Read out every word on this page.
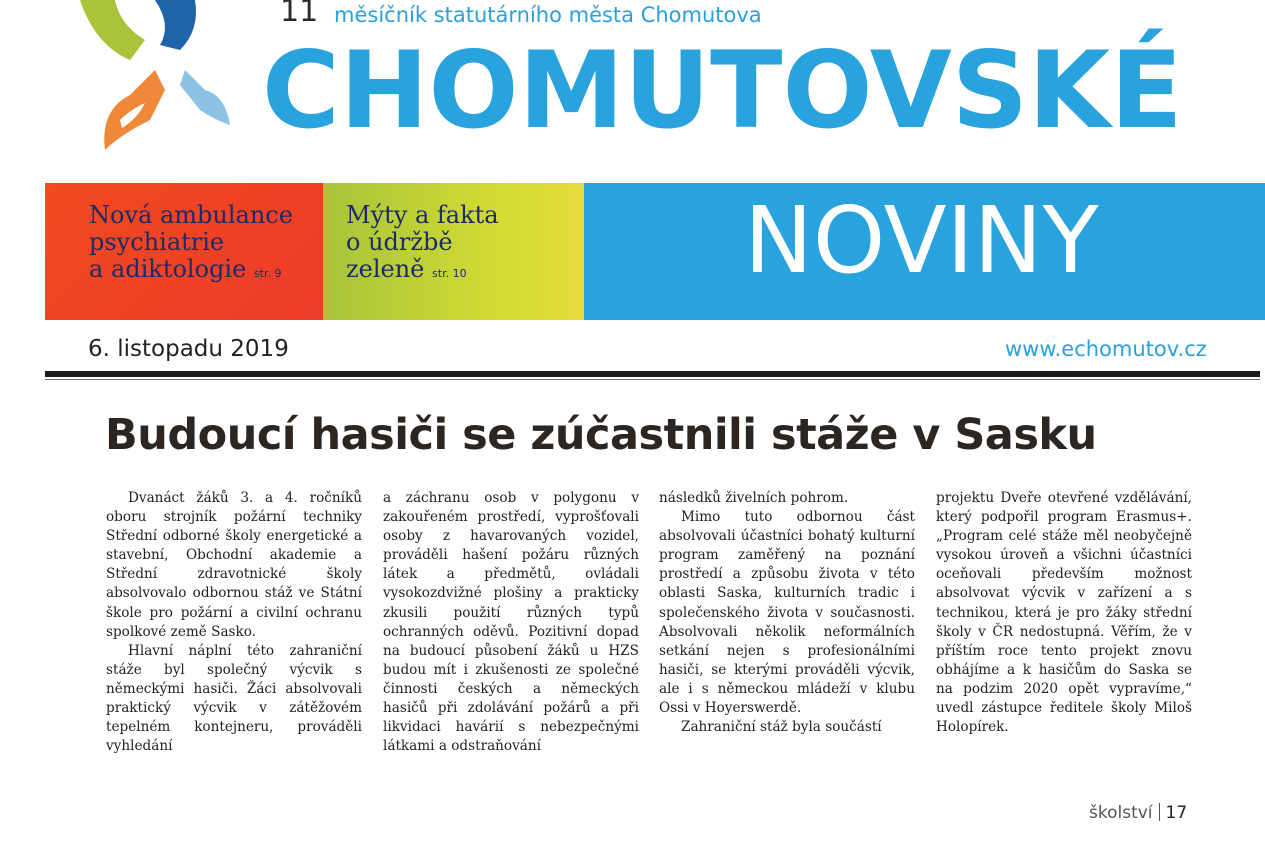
11 měsíčník statutárního města Chomutova
CHOMUTOVSKÉ
Nová ambulance
psychiatrie
a adiktologie str. 9
Mýty a fakta
o údržbě
zeleně str. 10	NOVINY
6. listopadu 2019	www.echomutov.cz
Budoucí hasiči se zúčastnili stáže v Sasku

Dvanáct žáků 3. a 4. ročníků oboru strojník požární techniky Střední odborné školy energetické a stavební, Obchodní akademie a Střední zdravotnické školy absolvovalo odbornou stáž ve Státní škole pro požární a civilní ochranu spolkové země Sasko.

Hlavní náplní této zahraniční stáže byl společný výcvik s německými hasiči. Žáci absolvovali praktický výcvik v zátěžovém tepelném kontejneru, prováděli vyhledání

a záchranu osob v polygonu v zakouřeném prostředí, vyprošťovali osoby z havarovaných vozidel, prováděli hašení požáru různých látek a předmětů, ovládali vysokozdvižné plošiny a prakticky zkusili použití různých typů ochranných oděvů. Pozitivní dopad na budoucí působení žáků u HZS budou mít i zkušenosti ze společné činnosti českých a německých hasičů při zdolávání požárů a při likvidaci havárií s nebezpečnými látkami a odstraňování

následků živelních pohrom.

Mimo tuto odbornou část absolvovali účastníci bohatý kulturní program zaměřený na poznání prostředí a způsobu života v této oblasti Saska, kulturních tradic i společenského života v současnosti. Absolvovali několik neformálních setkání nejen s profesionálními hasiči, se kterými prováděli výcvik, ale i s německou mládeží v klubu Ossi v Hoyerswerdě.

Zahraniční stáž byla součástí

projektu Dveře otevřené vzdělávání, který podpořil program Erasmus+. „Program celé stáže měl neobyčejně vysokou úroveň a všichni účastníci oceňovali především možnost absolvovat výcvik v zařízení a s technikou, která je pro žáky střední školy v ČR nedostupná. Věřím, že v příštím roce tento projekt znovu obhájíme a k hasičům do Saska se na podzim 2020 opět vypravíme,“ uvedl zástupce ředitele školy Miloš Holopírek.

školství 17
